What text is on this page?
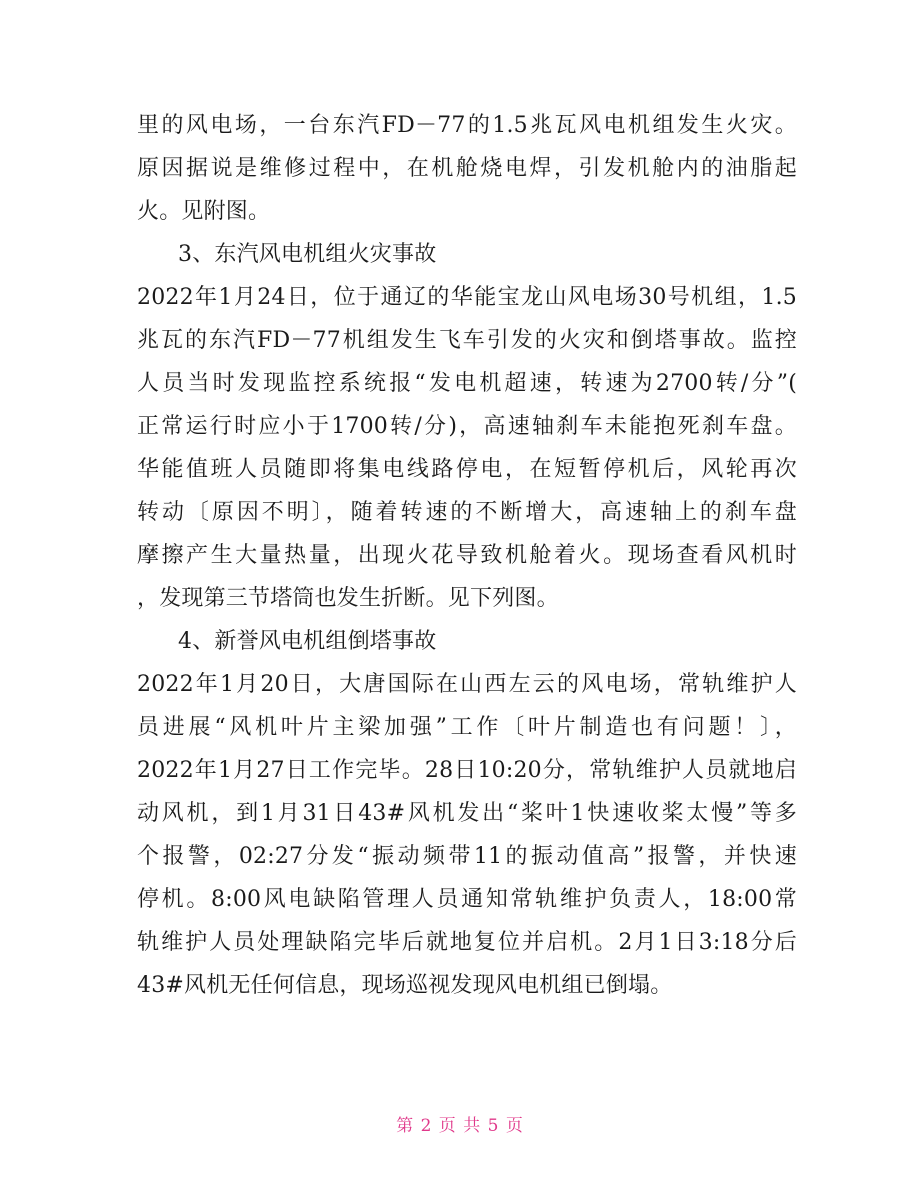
里的风电场，一台东汽FD－77的1.5兆瓦风电机组发生火灾。
原因据说是维修过程中，在机舱烧电焊，引发机舱内的油脂起
火。见附图。
3、东汽风电机组火灾事故
2022年1月24日，位于通辽的华能宝龙山风电场30号机组，1.5
兆瓦的东汽FD－77机组发生飞车引发的火灾和倒塔事故。监控
人员当时发现监控系统报“发电机超速，转速为2700转/分”(
正常运行时应小于1700转/分)，高速轴刹车未能抱死刹车盘。
华能值班人员随即将集电线路停电，在短暂停机后，风轮再次
转动〔原因不明〕，随着转速的不断增大，高速轴上的刹车盘
摩擦产生大量热量，出现火花导致机舱着火。现场查看风机时
，发现第三节塔筒也发生折断。见下列图。
4、新誉风电机组倒塔事故
2022年1月20日，大唐国际在山西左云的风电场，常轨维护人
员进展“风机叶片主梁加强”工作〔叶片制造也有问题！〕，
2022年1月27日工作完毕。28日10:20分，常轨维护人员就地启
动风机，到1月31日43#风机发出“桨叶1快速收桨太慢”等多
个报警，02:27分发“振动频带11的振动值高”报警，并快速
停机。8:00风电缺陷管理人员通知常轨维护负责人，18:00常
轨维护人员处理缺陷完毕后就地复位并启机。2月1日3:18分后
43#风机无任何信息，现场巡视发现风电机组已倒塌。
第 2 页 共 5 页
